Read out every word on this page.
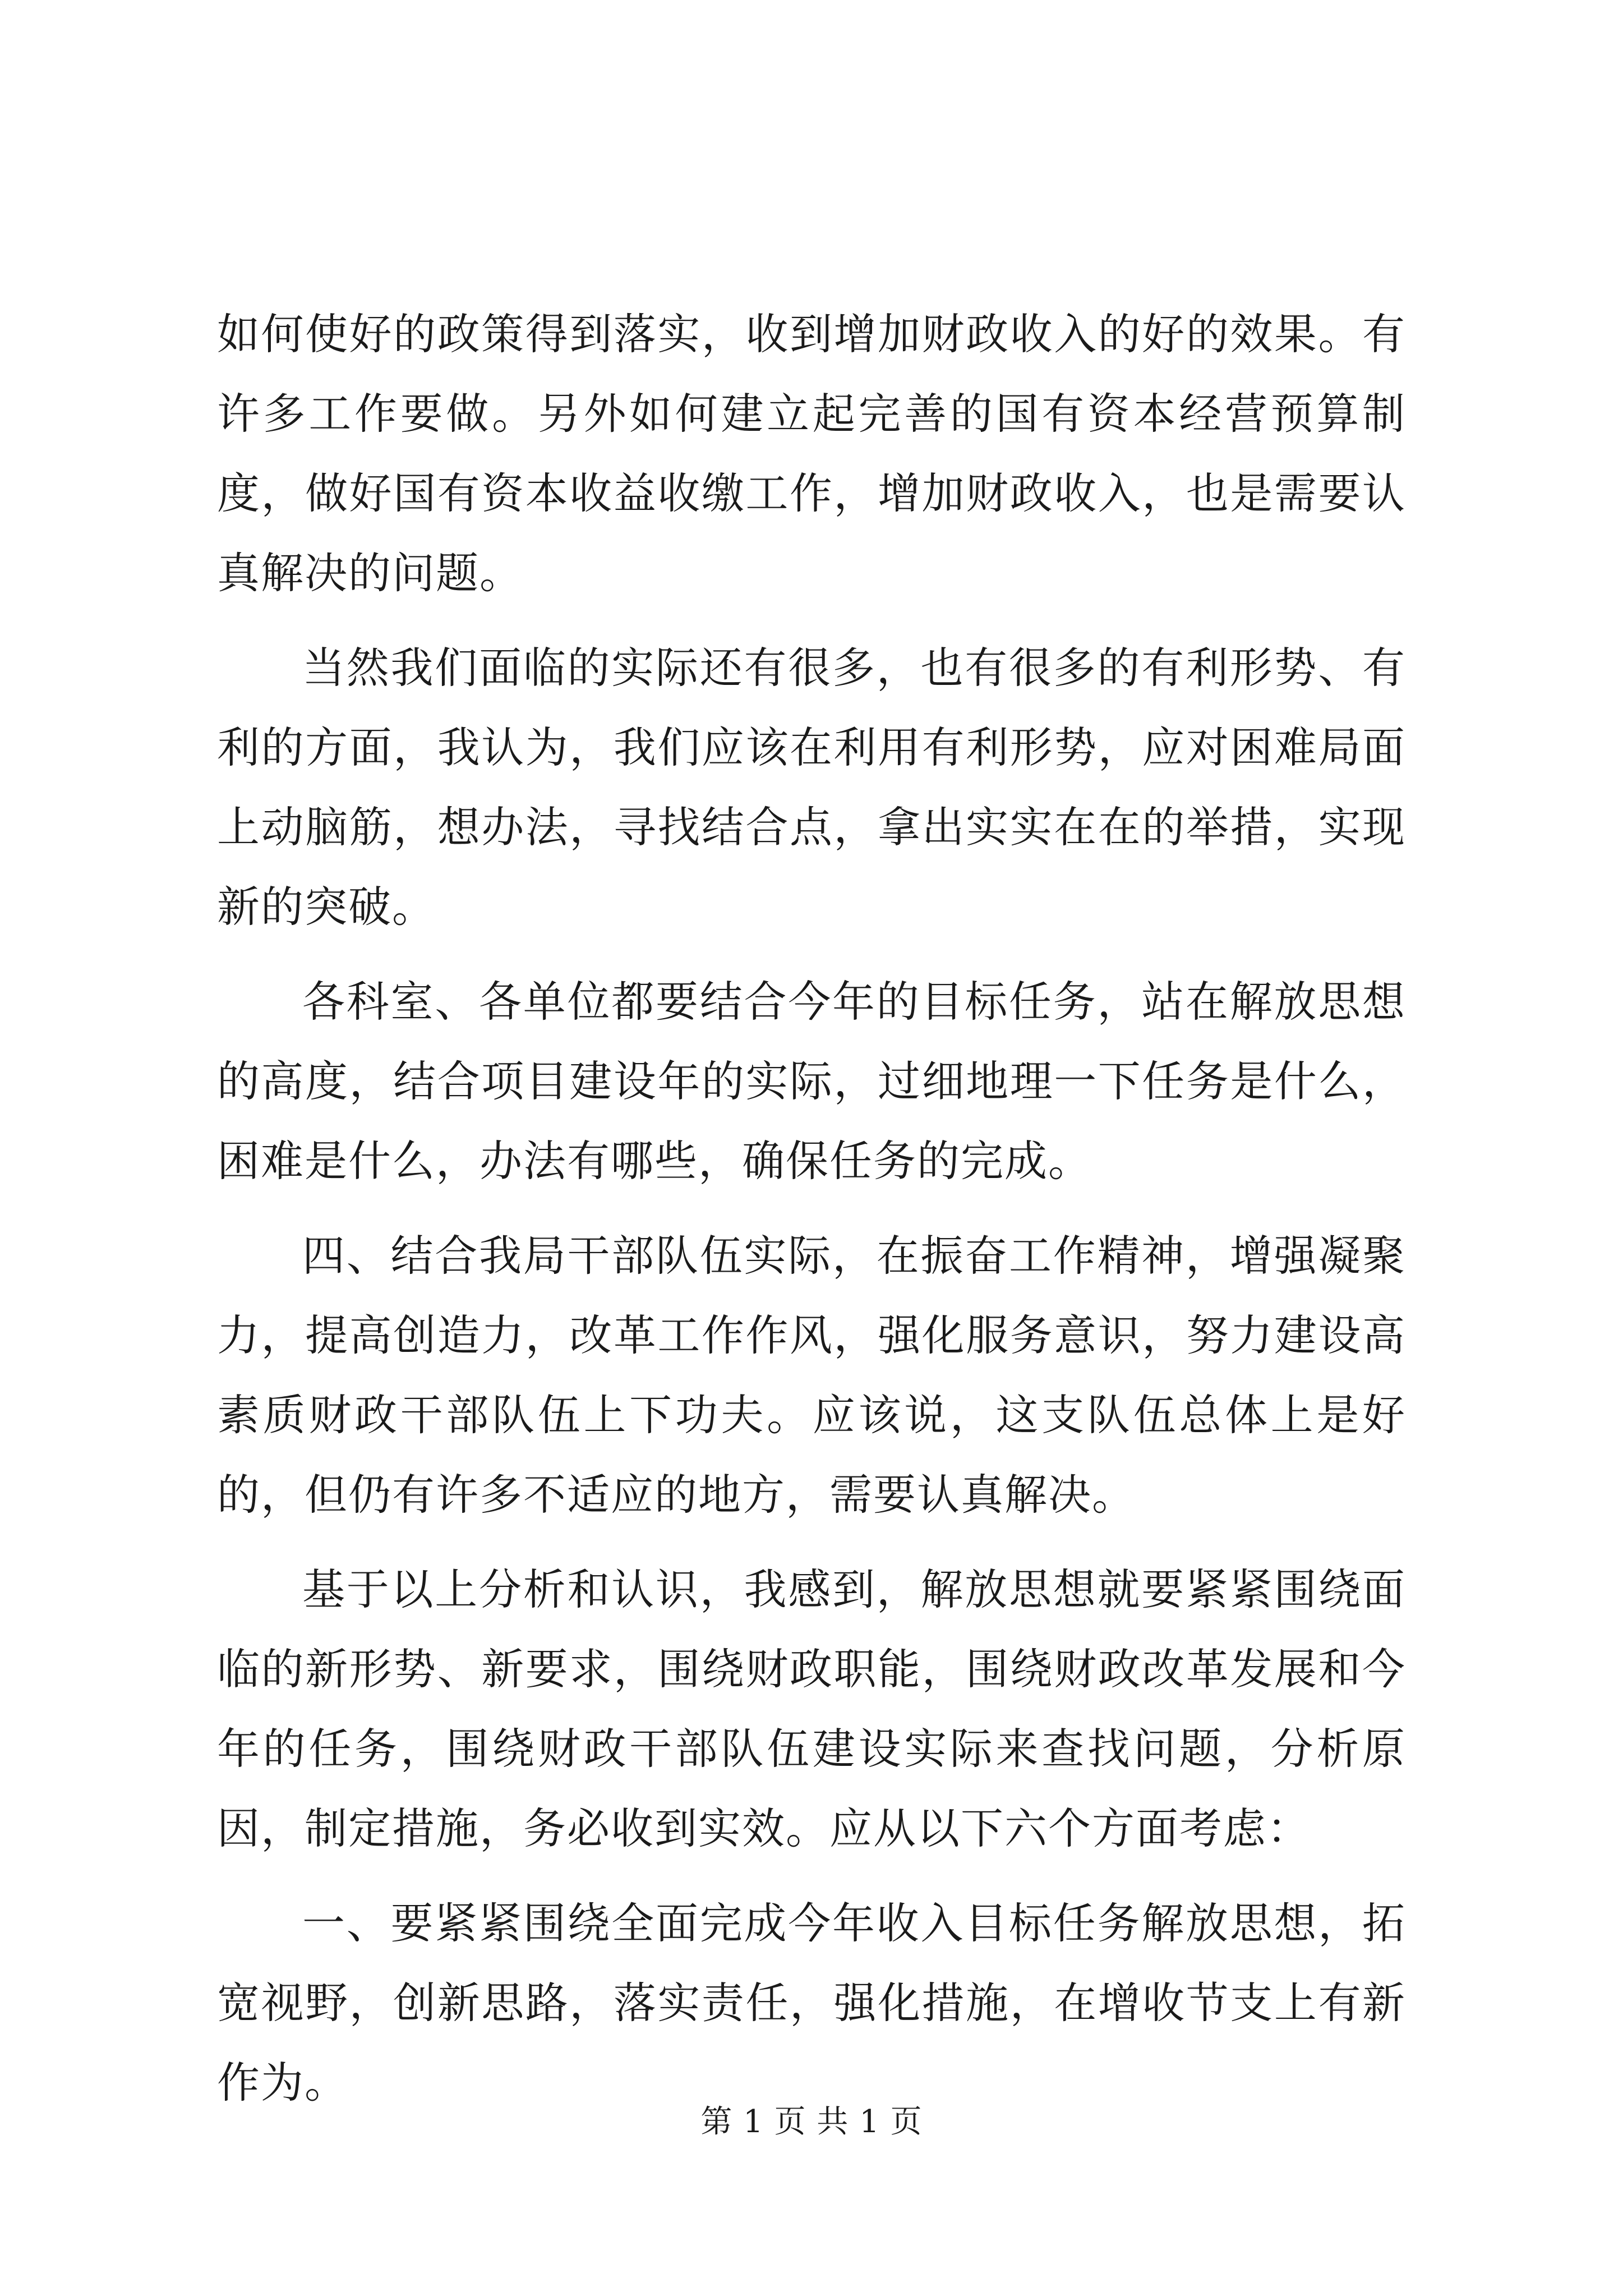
如何使好的政策得到落实，收到增加财政收入的好的效果。有许多工作要做。另外如何建立起完善的国有资本经营预算制度，做好国有资本收益收缴工作，增加财政收入，也是需要认真解决的问题。

当然我们面临的实际还有很多，也有很多的有利形势、有利的方面，我认为，我们应该在利用有利形势，应对困难局面上动脑筋，想办法，寻找结合点，拿出实实在在的举措，实现新的突破。

各科室、各单位都要结合今年的目标任务，站在解放思想的高度，结合项目建设年的实际，过细地理一下任务是什么，困难是什么，办法有哪些，确保任务的完成。

四、结合我局干部队伍实际，在振奋工作精神，增强凝聚力，提高创造力，改革工作作风，强化服务意识，努力建设高素质财政干部队伍上下功夫。应该说，这支队伍总体上是好的，但仍有许多不适应的地方，需要认真解决。

基于以上分析和认识，我感到，解放思想就要紧紧围绕面临的新形势、新要求，围绕财政职能，围绕财政改革发展和今年的任务，围绕财政干部队伍建设实际来查找问题，分析原因，制定措施，务必收到实效。应从以下六个方面考虑：

一、要紧紧围绕全面完成今年收入目标任务解放思想，拓宽视野，创新思路，落实责任，强化措施，在增收节支上有新作为。

第 1 页 共 1 页
